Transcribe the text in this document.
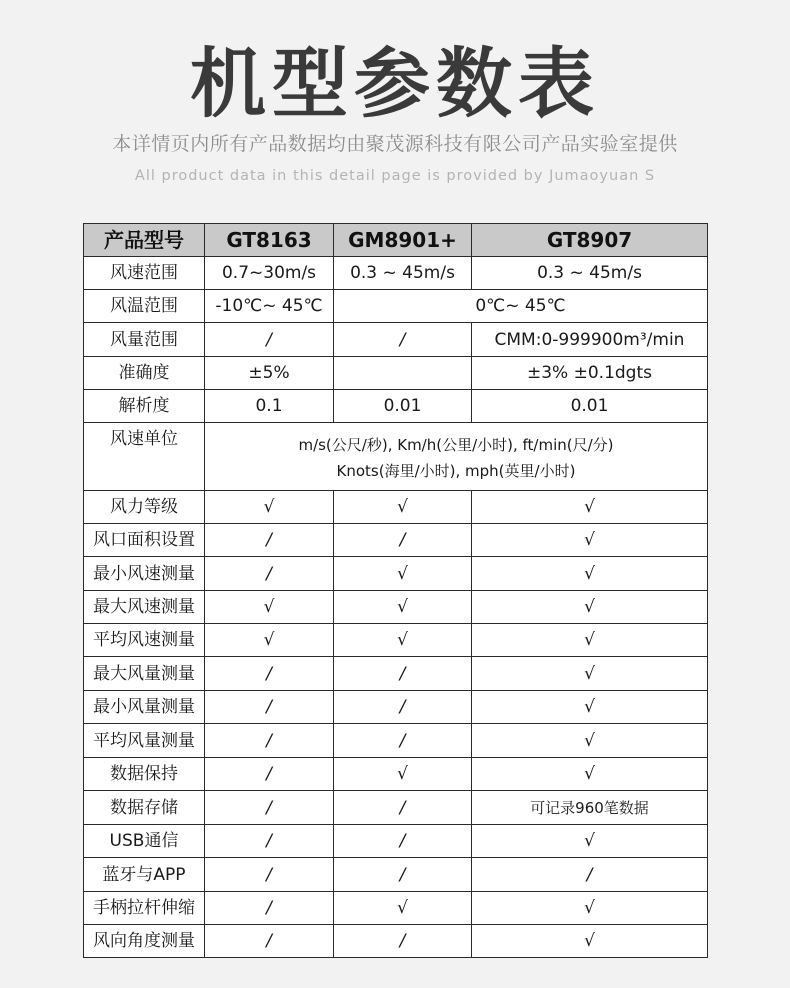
机型参数表
本详情页内所有产品数据均由聚茂源科技有限公司产品实验室提供
All product data in this detail page is provided by Jumaoyuan S
产品型号	GT8163	GM8901+	GT8907
风速范围	0.7~30m/s	0.3 ~ 45m/s	0.3 ~ 45m/s
风温范围	-10℃~ 45℃	0℃~ 45℃	
风量范围	/	/	CMM:0-999900m³/min
准确度	±5%		±3% ±0.1dgts
解析度	0.1	0.01	0.01
风速单位	m/s(公尺/秒), Km/h(公里/小时), ft/min(尺/分)
Knots(海里/小时), mph(英里/小时)		

风力等级	√	√	√
风口面积设置	/	/	√
最小风速测量	/	√	√
最大风速测量	√	√	√
平均风速测量	√	√	√
最大风量测量	/	/	√
最小风量测量	/	/	√
平均风量测量	/	/	√
数据保持	/	√	√
数据存储	/	/	可记录960笔数据
USB通信	/	/	√
蓝牙与APP	/	/	/
手柄拉杆伸缩	/	√	√
风向角度测量	/	/	√
